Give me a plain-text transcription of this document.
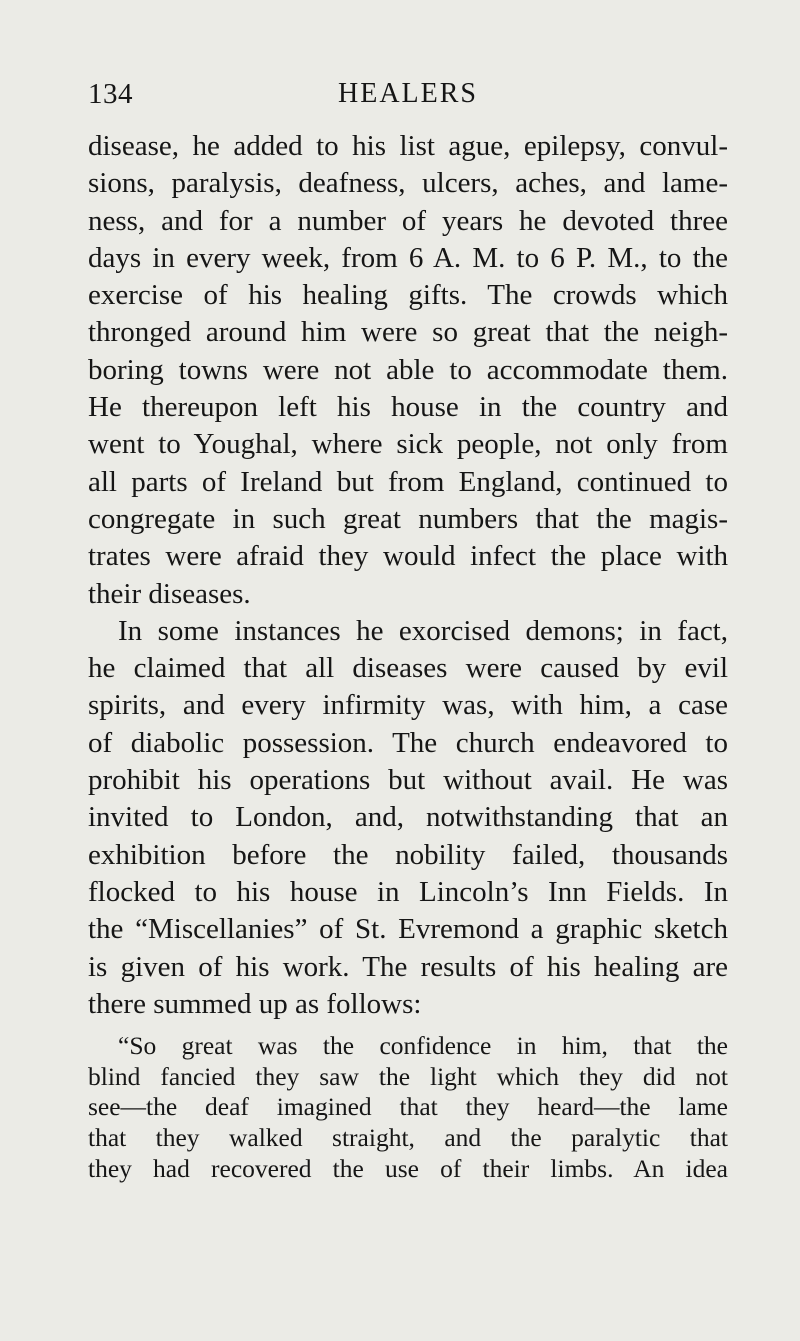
134	HEALERS
disease, he added to his list ague, epilepsy, convul-
sions, paralysis, deafness, ulcers, aches, and lame-
ness, and for a number of years he devoted three
days in every week, from 6 A. M. to 6 P. M., to the
exercise of his healing gifts. The crowds which
thronged around him were so great that the neigh-
boring towns were not able to accommodate them.
He thereupon left his house in the country and
went to Youghal, where sick people, not only from
all parts of Ireland but from England, continued to
congregate in such great numbers that the magis-
trates were afraid they would infect the place with
their diseases.
In some instances he exorcised demons; in fact,
he claimed that all diseases were caused by evil
spirits, and every infirmity was, with him, a case
of diabolic possession. The church endeavored to
prohibit his operations but without avail. He was
invited to London, and, notwithstanding that an
exhibition before the nobility failed, thousands
flocked to his house in Lincoln’s Inn Fields. In
the “Miscellanies” of St. Evremond a graphic sketch
is given of his work. The results of his healing are
there summed up as follows:
“So great was the confidence in him, that the
blind fancied they saw the light which they did not
see—the deaf imagined that they heard—the lame
that they walked straight, and the paralytic that
they had recovered the use of their limbs. An idea
